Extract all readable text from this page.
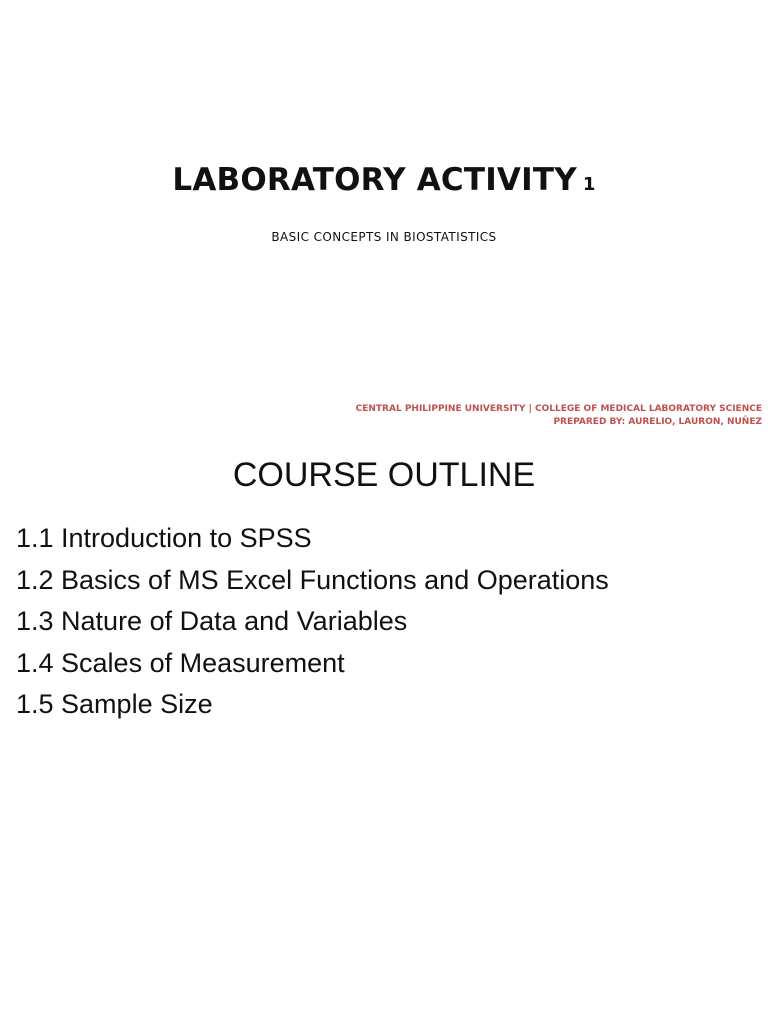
LABORATORY ACTIVITY 1
BASIC CONCEPTS IN BIOSTATISTICS
CENTRAL PHILIPPINE UNIVERSITY | COLLEGE OF MEDICAL LABORATORY SCIENCE
PREPARED BY: AURELIO, LAURON, NUÑEZ
COURSE OUTLINE
1.1 Introduction to SPSS
1.2 Basics of MS Excel Functions and Operations
1.3 Nature of Data and Variables
1.4 Scales of Measurement
1.5 Sample Size
